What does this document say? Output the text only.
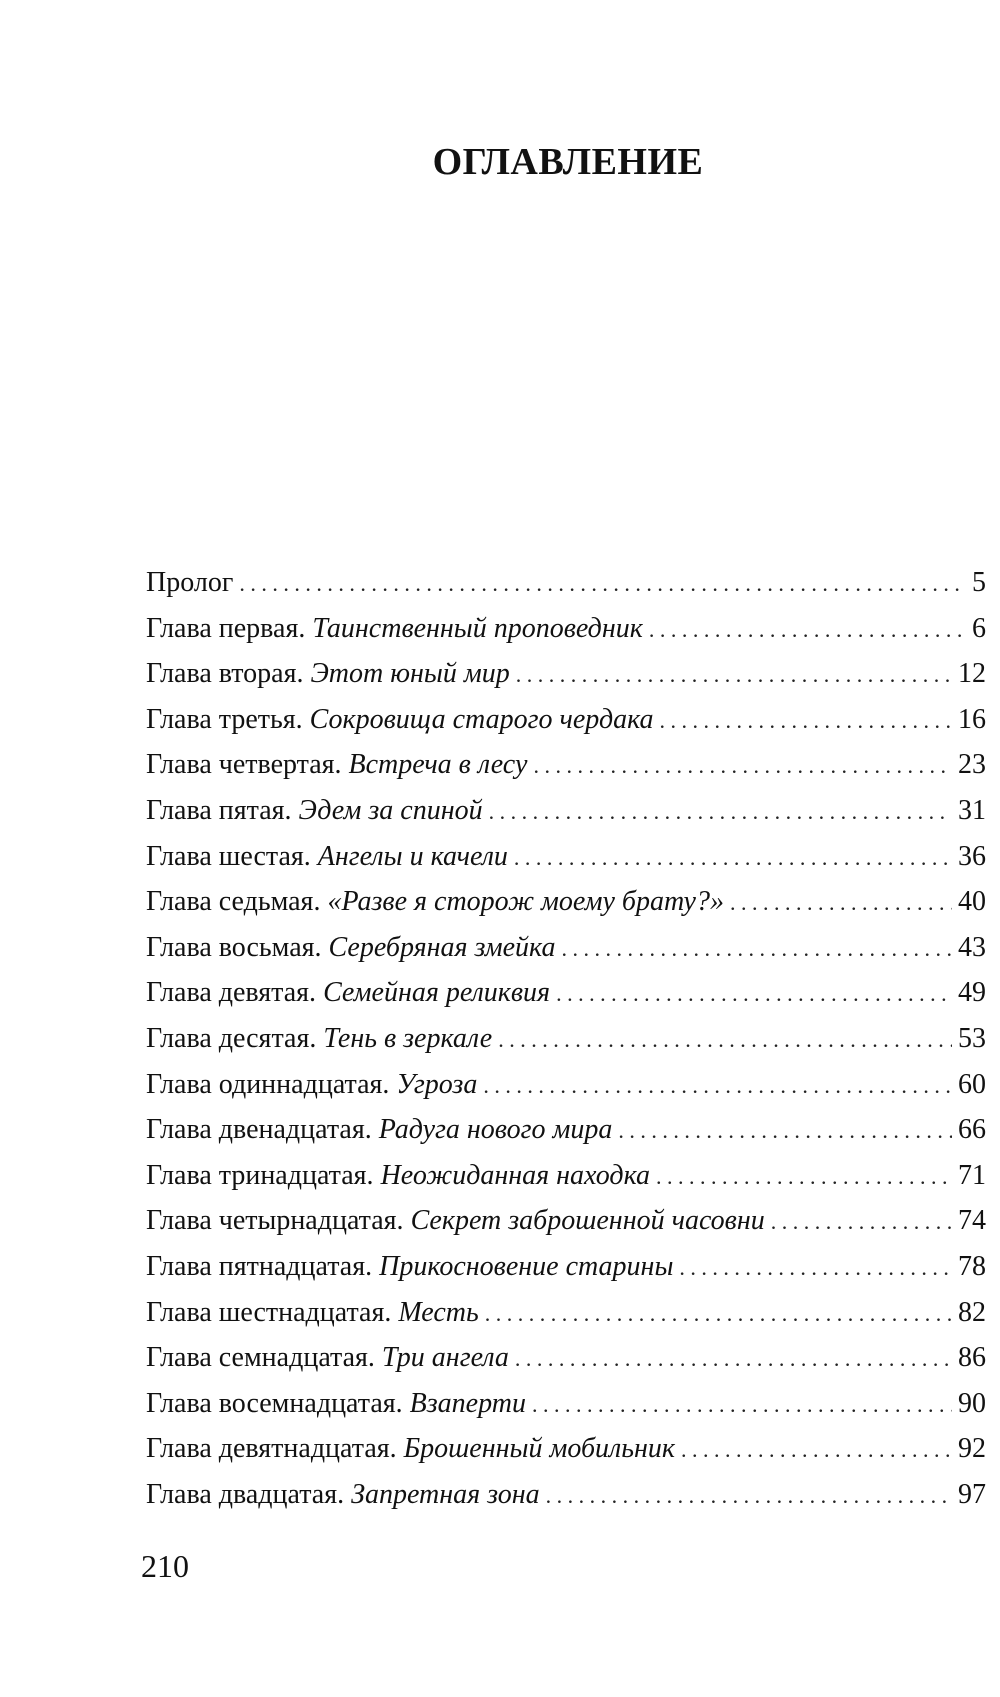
ОГЛАВЛЕНИЕ
Пролог . . .	5
Глава первая. Таинственный проповедник . . .	6
Глава вторая. Этот юный мир . . .	12
Глава третья. Сокровища старого чердака . . .	16
Глава четвертая. Встреча в лесу . . .	23
Глава пятая. Эдем за спиной . . .	31
Глава шестая. Ангелы и качели . . .	36
Глава седьмая. «Разве я сторож моему брату?» . . .	40
Глава восьмая. Серебряная змейка . . .	43
Глава девятая. Семейная реликвия . . .	49
Глава десятая. Тень в зеркале . . .	53
Глава одиннадцатая. Угроза . . .	60
Глава двенадцатая. Радуга нового мира . . .	66
Глава тринадцатая. Неожиданная находка . . .	71
Глава четырнадцатая. Секрет заброшенной часовни . . .	74
Глава пятнадцатая. Прикосновение старины . . .	78
Глава шестнадцатая. Месть . . .	82
Глава семнадцатая. Три ангела . . .	86
Глава восемнадцатая. Взаперти . . .	90
Глава девятнадцатая. Брошенный мобильник . . .	92
Глава двадцатая. Запретная зона . . .	97
210
